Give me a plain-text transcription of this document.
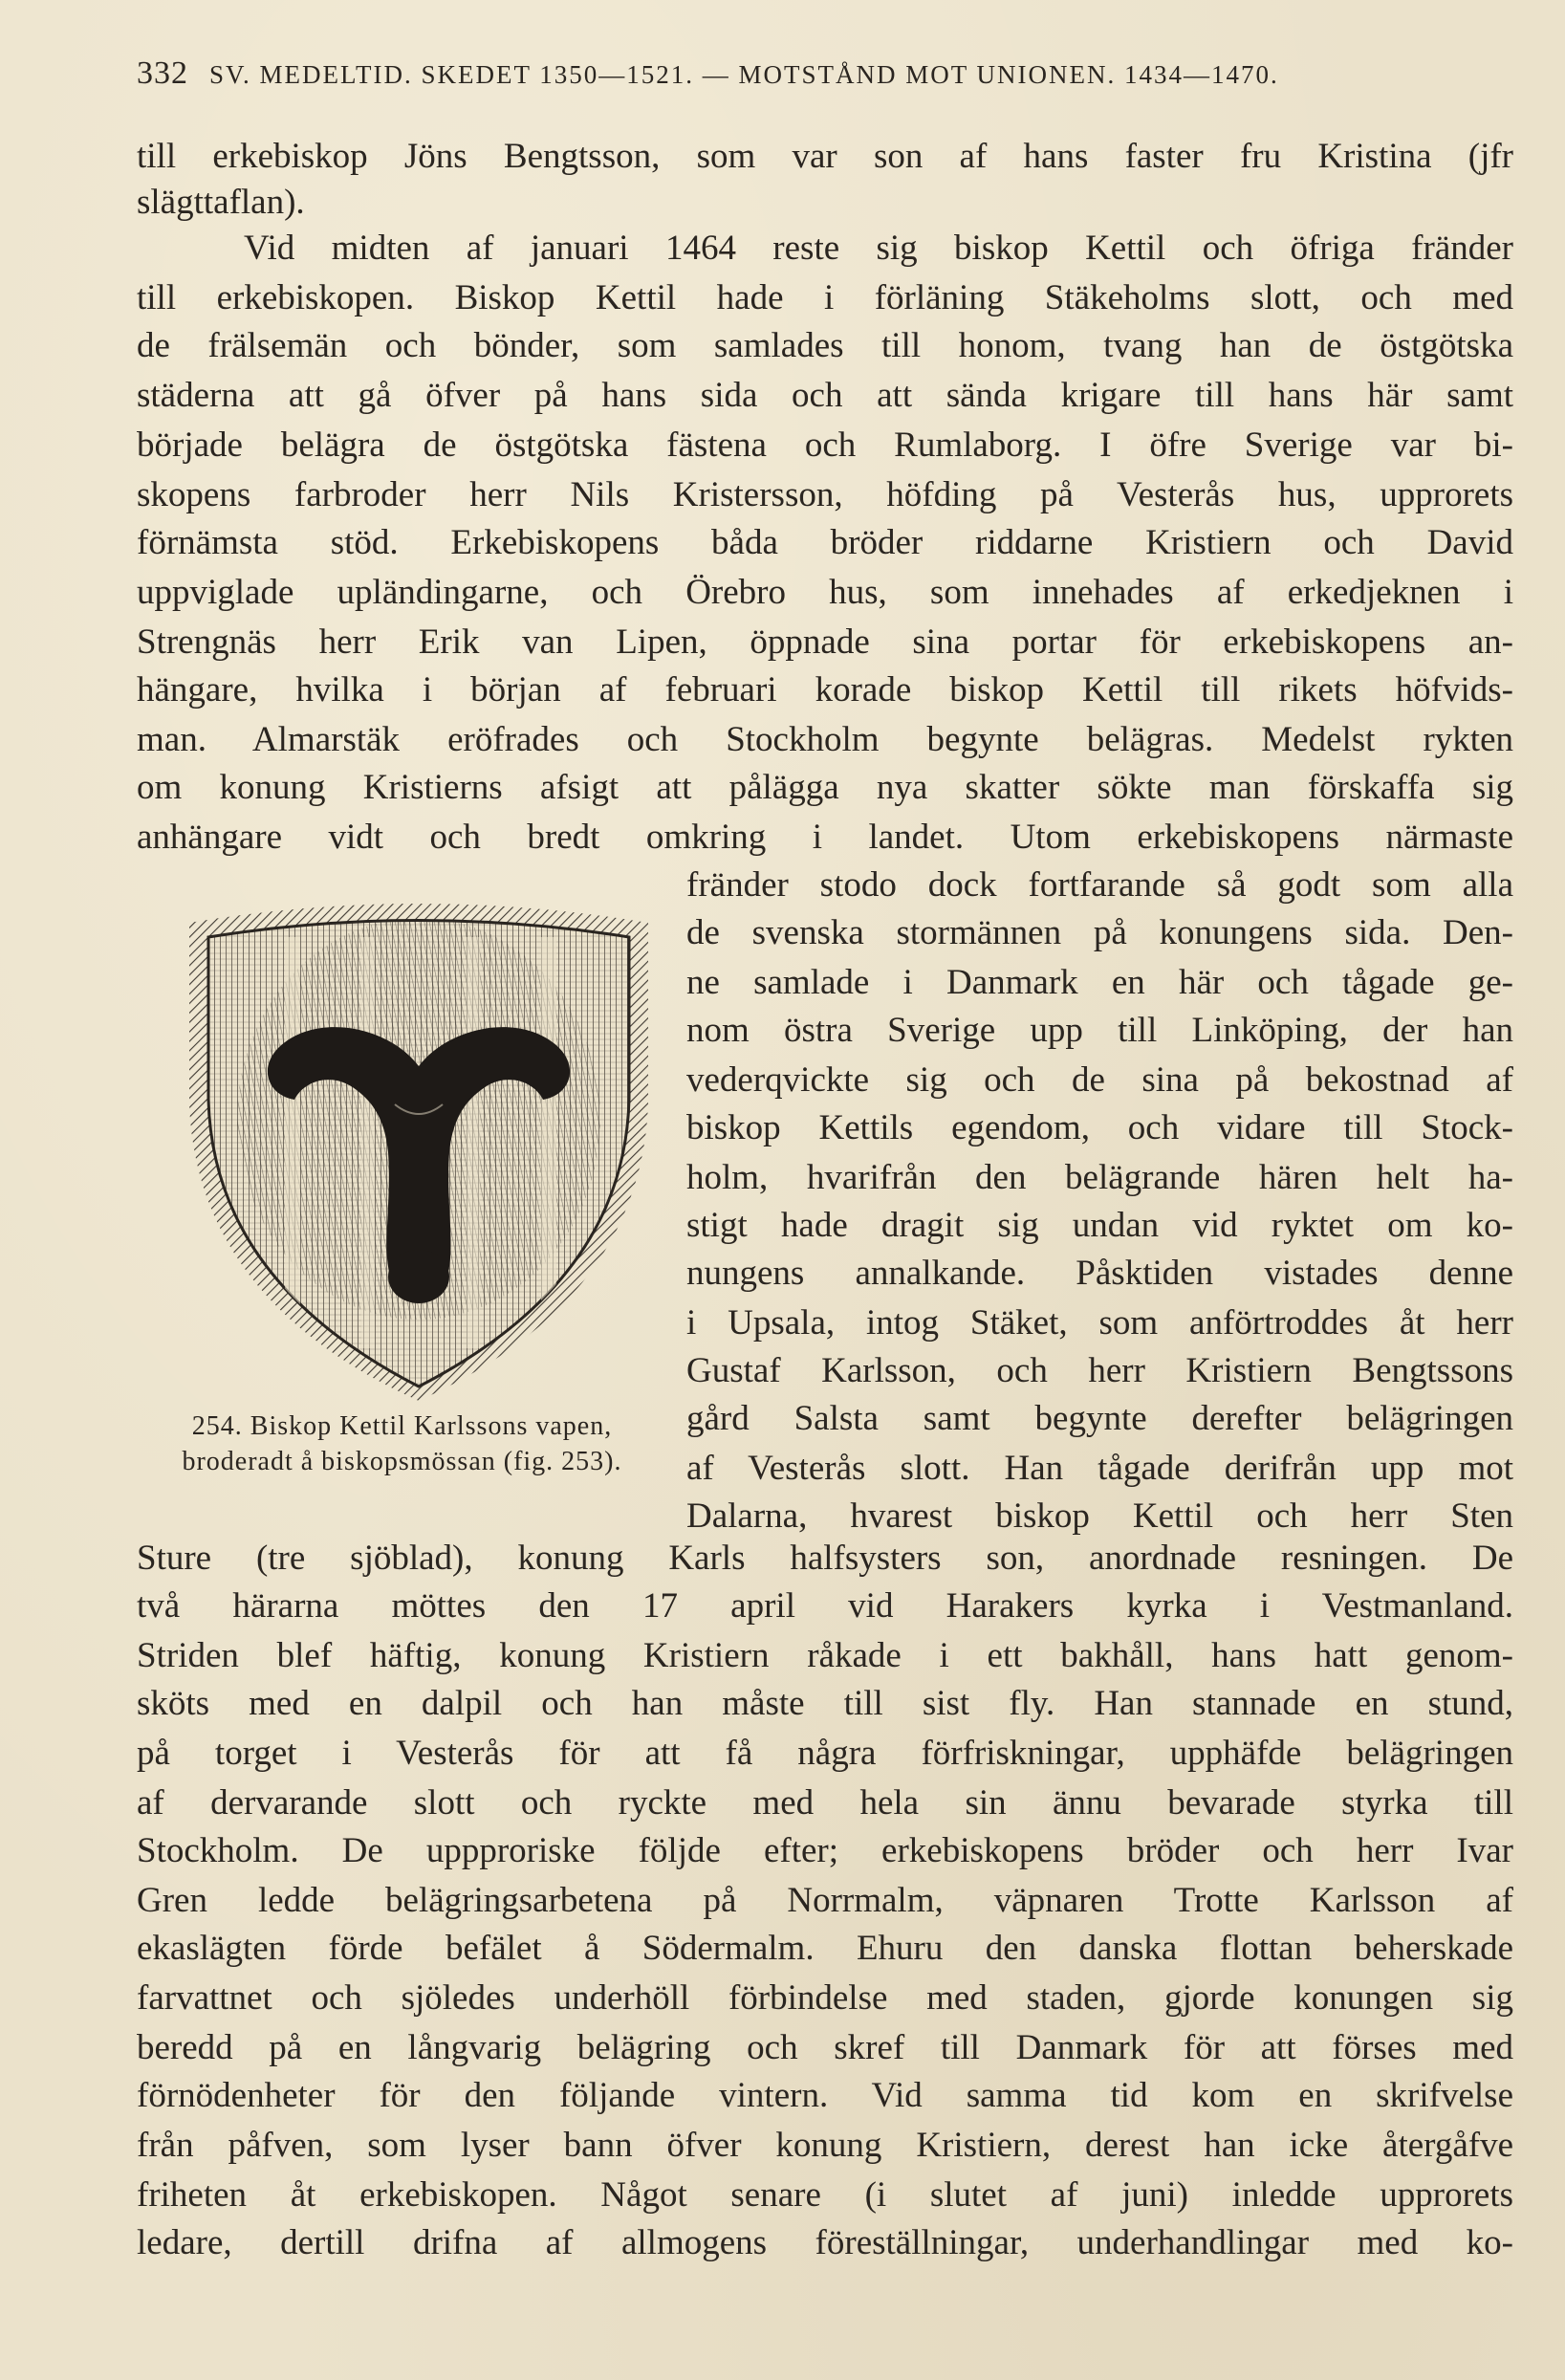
332 SV. MEDELTID. SKEDET 1350—1521. — MOTSTÅND MOT UNIONEN. 1434—1470.
till erkebiskop Jöns Bengtsson, som var son af hans faster fru Kristina (jfr
slägttaflan).
Vid midten af januari 1464 reste sig biskop Kettil och öfriga fränder
till erkebiskopen. Biskop Kettil hade i förläning Stäkeholms slott, och med
de frälsemän och bönder, som samlades till honom, tvang han de östgötska
städerna att gå öfver på hans sida och att sända krigare till hans här samt
började belägra de östgötska fästena och Rumlaborg. I öfre Sverige var bi-
skopens farbroder herr Nils Kristersson, höfding på Vesterås hus, upprorets
förnämsta stöd. Erkebiskopens båda bröder riddarne Kristiern och David
uppviglade upländingarne, och Örebro hus, som innehades af erkedjeknen i
Strengnäs herr Erik van Lipen, öppnade sina portar för erkebiskopens an-
hängare, hvilka i början af februari korade biskop Kettil till rikets höfvids-
man. Almarstäk eröfrades och Stockholm begynte belägras. Medelst rykten
om konung Kristierns afsigt att pålägga nya skatter sökte man förskaffa sig
anhängare vidt och bredt omkring i landet. Utom erkebiskopens närmaste
fränder stodo dock fortfarande så godt som alla
de svenska stormännen på konungens sida. Den-
ne samlade i Danmark en här och tågade ge-
nom östra Sverige upp till Linköping, der han
vederqvickte sig och de sina på bekostnad af
biskop Kettils egendom, och vidare till Stock-
holm, hvarifrån den belägrande hären helt ha-
stigt hade dragit sig undan vid ryktet om ko-
nungens annalkande. Påsktiden vistades denne
i Upsala, intog Stäket, som anförtroddes åt herr
Gustaf Karlsson, och herr Kristiern Bengtssons
gård Salsta samt begynte derefter belägringen
af Vesterås slott. Han tågade derifrån upp mot
Dalarna, hvarest biskop Kettil och herr Sten
254. Biskop Kettil Karlssons vapen,
broderadt å biskopsmössan (fig. 253).
Sture (tre sjöblad), konung Karls halfsysters son, anordnade resningen. De
två härarna möttes den 17 april vid Harakers kyrka i Vestmanland.
Striden blef häftig, konung Kristiern råkade i ett bakhåll, hans hatt genom-
sköts med en dalpil och han måste till sist fly. Han stannade en stund,
på torget i Vesterås för att få några förfriskningar, upphäfde belägringen
af dervarande slott och ryckte med hela sin ännu bevarade styrka till
Stockholm. De uppproriske följde efter; erkebiskopens bröder och herr Ivar
Gren ledde belägringsarbetena på Norrmalm, väpnaren Trotte Karlsson af
ekaslägten förde befälet å Södermalm. Ehuru den danska flottan beherskade
farvattnet och sjöledes underhöll förbindelse med staden, gjorde konungen sig
beredd på en långvarig belägring och skref till Danmark för att förses med
förnödenheter för den följande vintern. Vid samma tid kom en skrifvelse
från påfven, som lyser bann öfver konung Kristiern, derest han icke återgåfve
friheten åt erkebiskopen. Något senare (i slutet af juni) inledde upprorets
ledare, dertill drifna af allmogens föreställningar, underhandlingar med ko-
